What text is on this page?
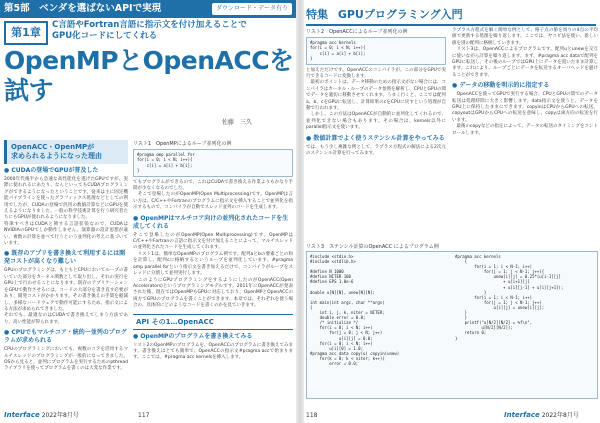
第5部　ベンダを選ばないAPIで実現	ダウンロード・データ有り
第1章
C言語やFortran言語に指示文を付け加えることで
GPU化コードにしてくれる
OpenMPとOpenACCを
試す
佐藤　三久
OpenACC・OpenMPが
求められるようになった理由
● CUDAの登場でGPUが普及した

2000年代後半から急速な高性能化を遂げたGPUですが、実際に使われるにあたり、なんといってもCUDAプログラミングができるようになったということです。従来は主に固定機能パイプラインを使ったグラフィックス処理などとしての利用でしたが、CUDAの登場で汎用の数値計算などにGPUを使えるようになりました。一般の科学技術計算を行う研究者たちにもGPUが使われるようになりました。

特筆すべきはCUDAと関する言語拡張なので、CUDAはNVIDIAのGPUでしか動作しません。演算器の設計思想が違い、複数の計算を並べて行うという並列化の考えに基づいています。

● 既存のアプリを書き換えて利用するには開発コストが高くなり難しい

GPUのプログラミングは、もともとCPUにおいてループの書いていた部分をカーネル関数として取り出し、それの実行をGPU上で行わせることになります。既存のアプリケーションをGPUで動作させるには、コードの大部分を書き直す必要があり、開発コストがかかります。その書き換えの手間を軽減し、多様なハードウェアで動作可能にするため、指示文による方法が求められてきました。

それでも、最適なのはCUDAで書き換えてしまう方法であり、高い性能が得られます。

● CPUでもマルチコア・統的一並列のプログラムが求められる

CPUのプログラミングにおいても、複数のコアを活用するマルチスレッドのプログラミングが一般的になってきました。OSから見ると、並列にプログラムを実行するためのpthreadライブラリを使ってプログラムを書くのは大変な作業です。

リスト1　OpenMPによるループ並列化の例
#pragma omp parallel for
for(i = 0; i < N; i++){
c[i] = a[i] + b[i];
}

てもプログラムができるので、これはCUDAで書き換える作業よりもかなり手間が少なくなるのでした。
　そこで登場したのがOpenMP(Open Multiprocessing)です。OpenMPは言い方は、C/C++やFortranのプログラムに指示文を挿入することで並列化を指示するもので、コンパイラが自動でスレッド並列のコードを生成します。

● OpenMPはマルチコア向けの並列化されたコードを生成してくれる

そこで登場したのがOpenMP(Open Multiprocessing)です。OpenMPはC/C++やFortranの言語に指示文を付け加えることによって、マルチスレッドの並列化されたコードを生成してくれます。
　リスト1は、簡単なOpenMPのプログラム例です。配列aとbの要素ごとの和を計算し、配列cに格納するというループを並列化しています。#pragma omp parallel forという指示文を書き加えるだけで、コンパイラがループをスレッドに分割して並列実行します。

　このようにGPUプログラミングをするようにしたのがOpenACC(Open Accelerators)というプログラミングモデルです。2011年にOpenACCが発表された後、現在ではOpenMPもGPUに対応しており、OpenMPとOpenACCの両方でGPUのプログラムを書くことができます。本章では、それぞれを使う場合の、具体的にどのようなコードを書くのかを見ていきます。

API その1…OpenACC
● OpenMPのプログラムを書き換えてみる

リスト2のOpenMPのプログラムを、OpenACCのプログラムに書き換えてみます。書き換えはとても簡単で、OpenACCの指示文#pragma accで始まります。ここでは、#pragma acc kernelsを挿入します。

Interface 2022年8月号	117
特集 GPUプログラミング入門
リスト2　OpenACCによるループ並列化の例
#pragma acc kernels
for(i = 0; i < N; i++){
c[i] = a[i] + b[i];
}

と加えただけです。OpenACCのコンパイラが、この部分をGPUで実行できるコードに変換します。
　最初のポイントは、データ移動のための指示文がない場合には、コンパイラはカーネル・ループのデータ参照を解析し、CPUとGPUの間でデータを適切に移動させてくれます。うまく行くと、ここでは配列a、b、cをGPUに転送し、計算結果のcをCPUに戻すという処理が自動で行われます。

　しかし、この方法はOpenACCが自動的に並列化してくれるので、並列化できない場合もあります。その場合は、kernels以外にparallel指示文を使います。

● 数値計算でよく使うステンシル計算をやってみる

では、もう少し複雑な例として、ラプラス方程式の解法による2次元のステンシル計算を行ってみます。

ラプラス方程式を解く簡単な例として、格子点の値を周りの4点の平均値で更新する処理を繰り返します。ここでは、ヤコビ法を使い、新しい値を別の配列に格納していきます。

　リスト3は、OpenACCによるプログラムです。配列uとunewを交互に使いながら計算を繰り返します。まず、#pragma acc dataで配列をGPUに転送し、その後のループではGPU上にデータを置いたまま計算します。これにより、ループごとにデータを転送するオーバヘッドを避けることができます。

● データの移動を明示的に指定する

　OpenACCを使ってGPUで実行する場合、CPUとGPUの間でのデータ転送は処理時間に大きく影響します。data指示文を使うと、データをGPU上に保持したままにできます。copyinはCPUからGPUへの転送、copyoutはGPUからCPUへの転送を意味し、copyは両方向の転送を行います。

　最後のcopyなどの指定によって、データの転送のタイミングをコントロールします。

リスト3　ステンシル計算のOpenACC によるプログラム例
#include <stdio.h>
#include <stdlib.h>

#define N 1000
#define NITER 100
#define EPS 1.0e-6

double u[N][N], unew[N][N];

int main(int argc, char **argv)
{
int i, j, k, niter = NITER;
double error = 0.0;
/* initialize */
for(i = 0; i < N; i++)
for(j = 0; j < N; j++)
u[i][j] = 0.0;
for(i = 0; i < N; i++)
u[i][0] = 1.0;
#pragma acc data copy(u) copyin(unew)
for(k = 0; k < niter; k++){
error = 0.0;
#pragma acc kernels
{
for(i = 1; i < N-1; i++)
for(j = 1; j < N-1; j++){
unew[i][j] = 0.25*(u[i-1][j]
+ u[i+1][j]
+ u[i][j-1] + u[i][j+1]);
}
for(i = 1; i < N-1; i++)
for(j = 1; j < N-1; j++)
u[i][j] = unew[i][j];
}
}
printf("u[N/2][N/2] = %f\n",
u[N/2][N/2]);
return 0;
}
118	Interface 2022年8月号
